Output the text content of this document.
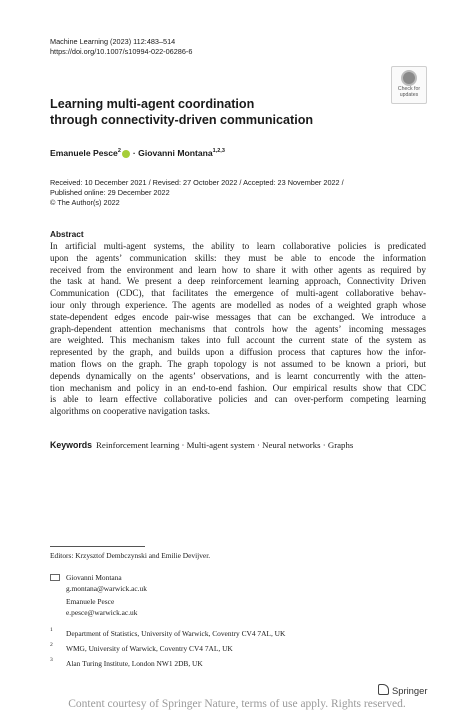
Machine Learning (2023) 112:483–514
https://doi.org/10.1007/s10994-022-06286-6
Check for
updates
Learning multi-agent coordination
through connectivity-driven communication
Emanuele Pesce$^2$ · Giovanni Montana$^{1,2,3}$
Received: 10 December 2021 / Revised: 27 October 2022 / Accepted: 23 November 2022 /
Published online: 29 December 2022
© The Author(s) 2022
Abstract
In artificial multi-agent systems, the ability to learn collaborative policies is predicated
upon the agents’ communication skills: they must be able to encode the information
received from the environment and learn how to share it with other agents as required by
the task at hand. We present a deep reinforcement learning approach, Connectivity Driven
Communication (CDC), that facilitates the emergence of multi-agent collaborative behav-
iour only through experience. The agents are modelled as nodes of a weighted graph whose
state-dependent edges encode pair-wise messages that can be exchanged. We introduce a
graph-dependent attention mechanisms that controls how the agents’ incoming messages
are weighted. This mechanism takes into full account the current state of the system as
represented by the graph, and builds upon a diffusion process that captures how the infor-
mation flows on the graph. The graph topology is not assumed to be known a priori, but
depends dynamically on the agents’ observations, and is learnt concurrently with the atten-
tion mechanism and policy in an end-to-end fashion. Our empirical results show that CDC
is able to learn effective collaborative policies and can over-perform competing learning
algorithms on cooperative navigation tasks.
Keywords Reinforcement learning · Multi-agent system · Neural networks · Graphs
Editors: Krzysztof Dembczynski and Emilie Devijver.
Giovanni Montana
g.montana@warwick.ac.uk
Emanuele Pesce
e.pesce@warwick.ac.uk
1 Department of Statistics, University of Warwick, Coventry CV4 7AL, UK
2 WMG, University of Warwick, Coventry CV4 7AL, UK
3 Alan Turing Institute, London NW1 2DB, UK
Springer
Content courtesy of Springer Nature, terms of use apply. Rights reserved.
